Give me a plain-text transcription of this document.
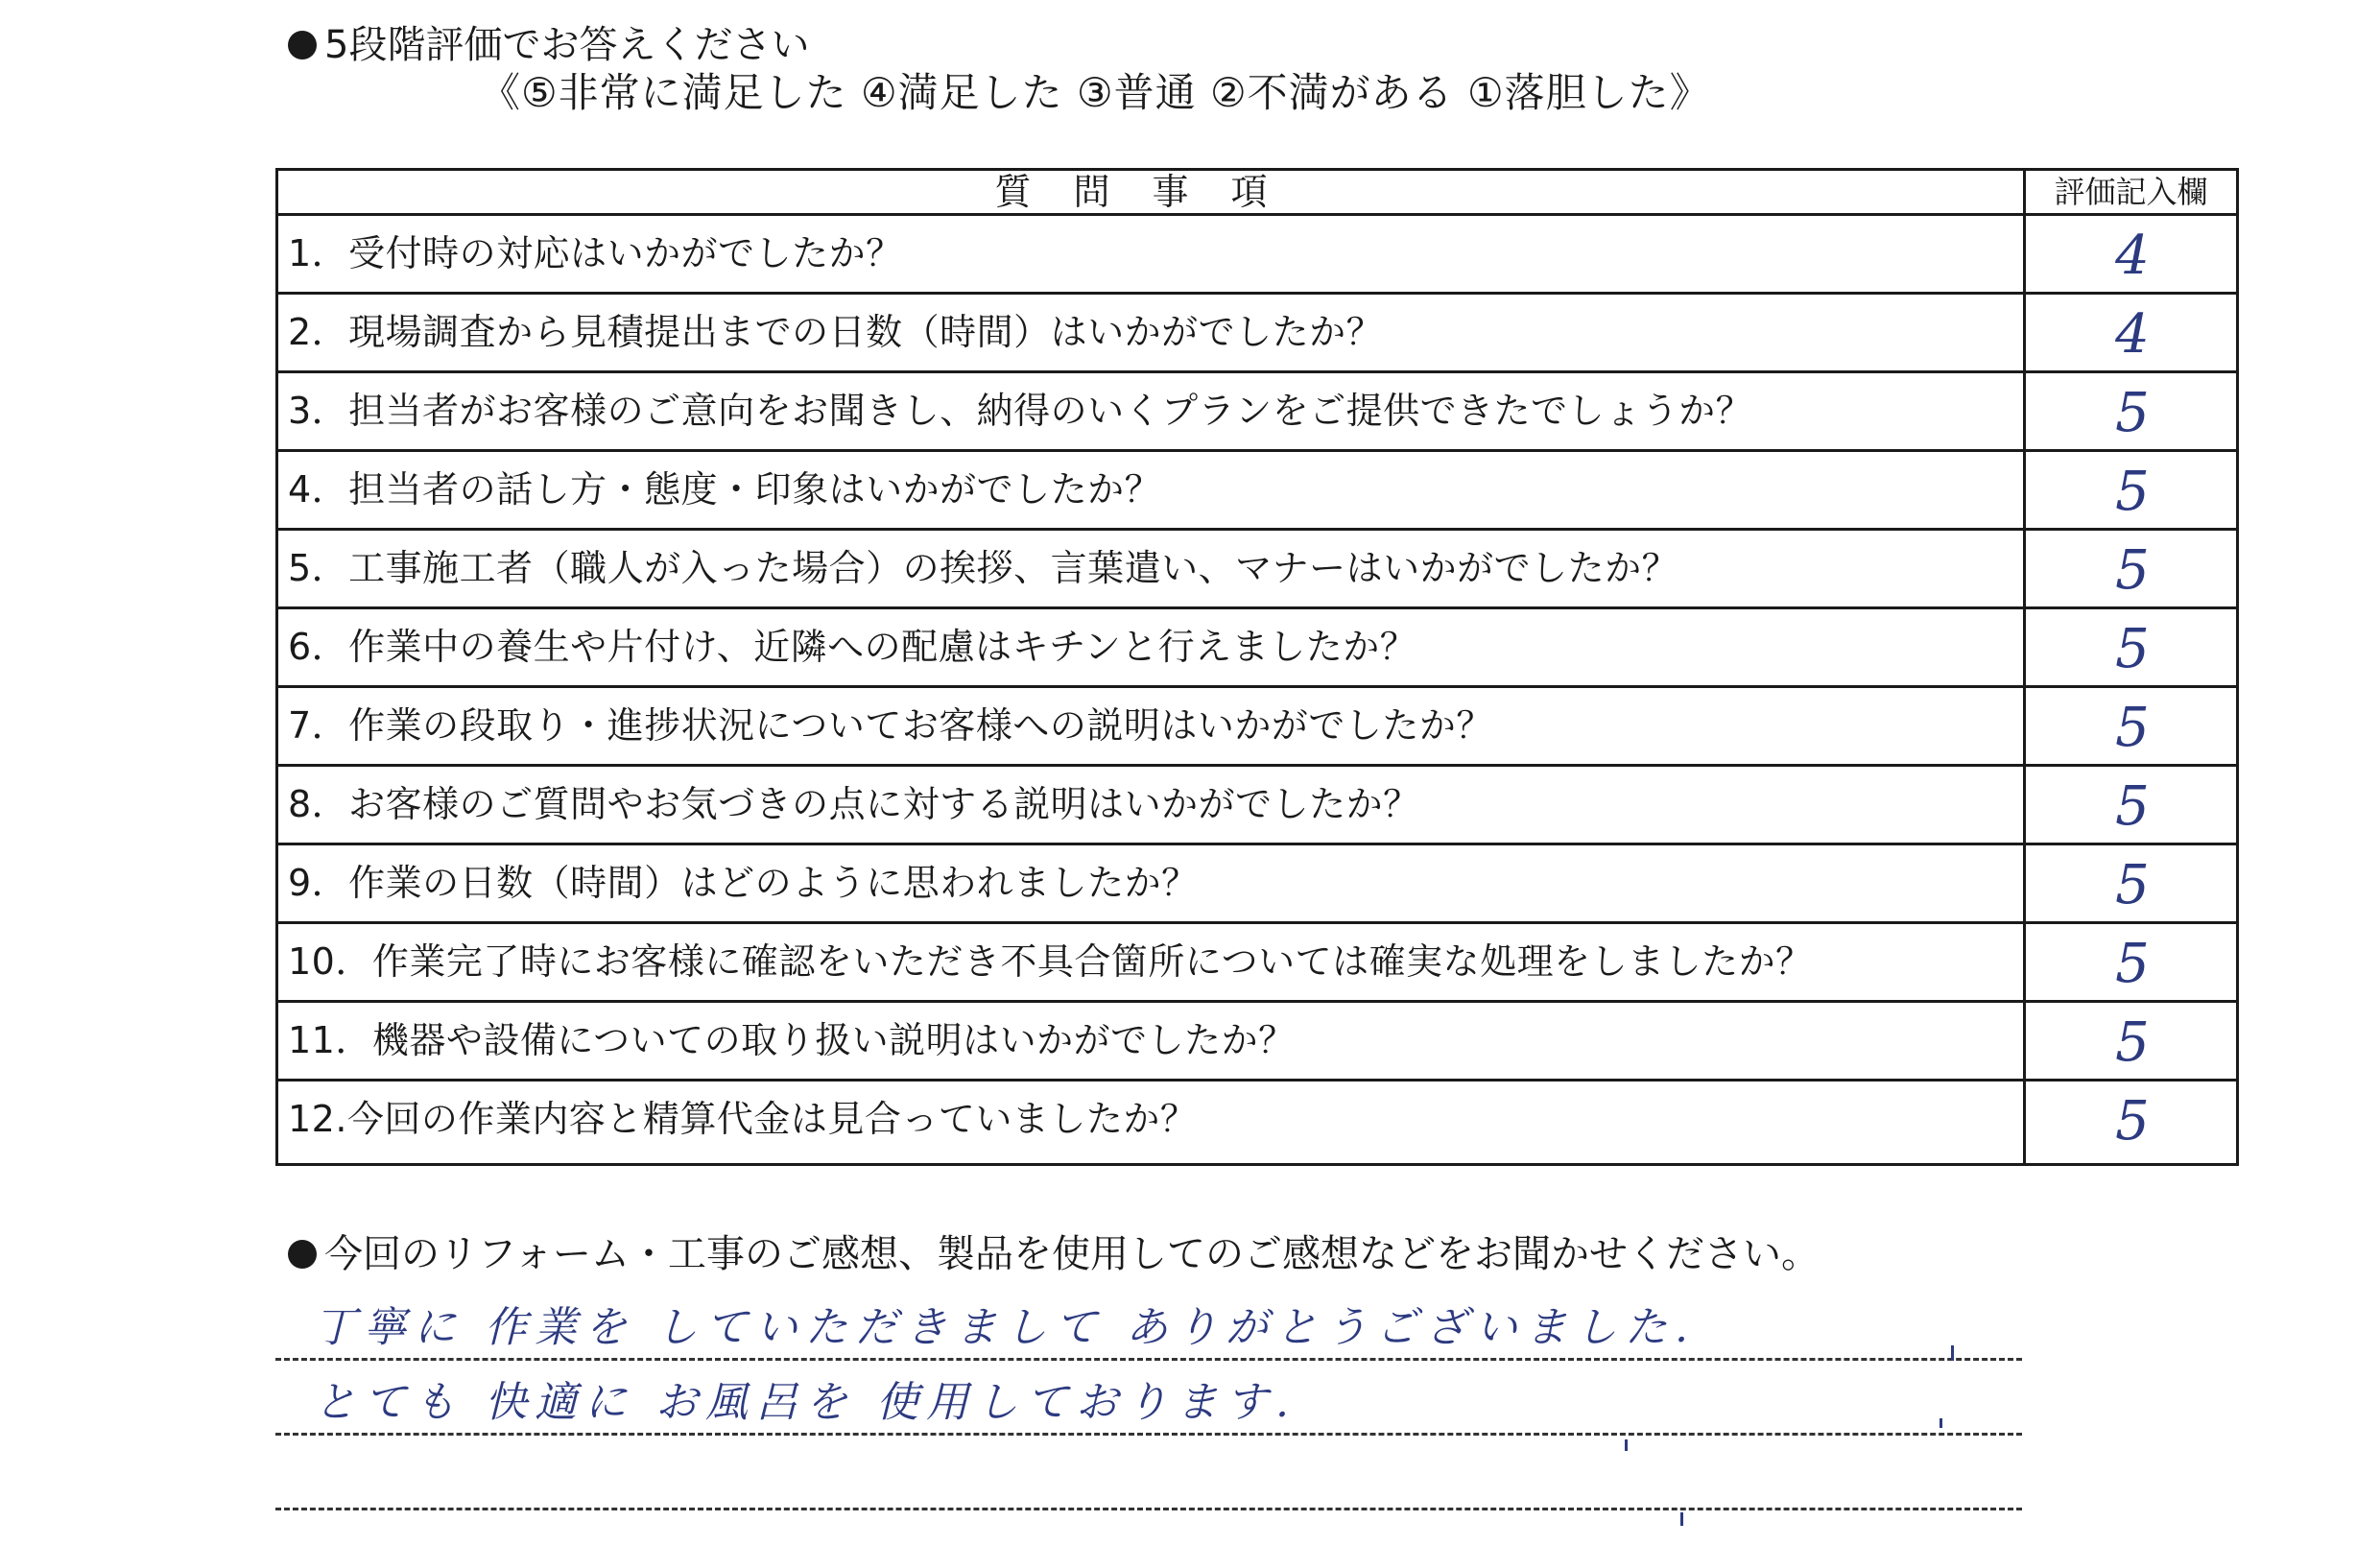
5段階評価でお答えください
《⑤非常に満足した ④満足した ③普通 ②不満がある ①落胆した》
質問事項	評価記入欄
1．受付時の対応はいかがでしたか？	4
2．現場調査から見積提出までの日数（時間）はいかがでしたか？	4
3．担当者がお客様のご意向をお聞きし、納得のいくプランをご提供できたでしょうか？	5
4．担当者の話し方・態度・印象はいかがでしたか？	5
5．工事施工者（職人が入った場合）の挨拶、言葉遣い、マナーはいかがでしたか？	5
6．作業中の養生や片付け、近隣への配慮はキチンと行えましたか？	5
7．作業の段取り・進捗状況についてお客様への説明はいかがでしたか？	5
8．お客様のご質問やお気づきの点に対する説明はいかがでしたか？	5
9．作業の日数（時間）はどのように思われましたか？	5
10．作業完了時にお客様に確認をいただき不具合箇所については確実な処理をしましたか？	5
11．機器や設備についての取り扱い説明はいかがでしたか？	5
12.今回の作業内容と精算代金は見合っていましたか？	5
今回のリフォーム・工事のご感想、製品を使用してのご感想などをお聞かせください。
丁寧に 作業を していただきまして ありがとうございました.
とても 快適に お風呂を 使用しております.
